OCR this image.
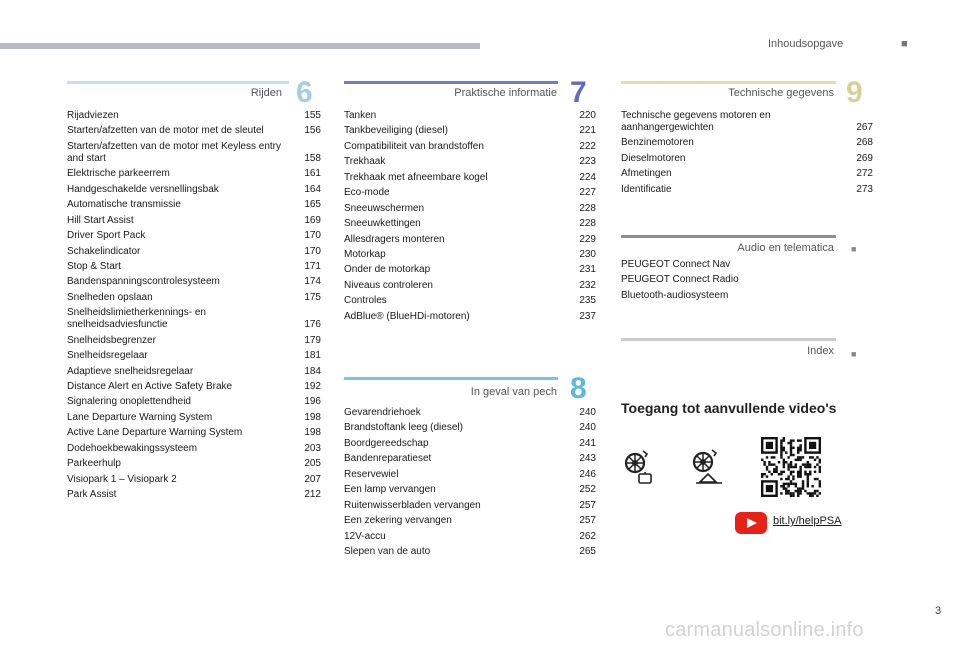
Inhoudsopgave	■
Rijden 6
Rijadviezen	155
Starten/afzetten van de motor met de sleutel	156
Starten/afzetten van de motor met Keyless entry and start	158
Elektrische parkeerrem	161
Handgeschakelde versnellingsbak	164
Automatische transmissie	165
Hill Start Assist	169
Driver Sport Pack	170
Schakelindicator	170
Stop & Start	171
Bandenspanningscontrolesysteem	174
Snelheden opslaan	175
Snelheidslimietherkennings- en snelheidsadviesfunctie	176
Snelheidsbegrenzer	179
Snelheidsregelaar	181
Adaptieve snelheidsregelaar	184
Distance Alert en Active Safety Brake	192
Signalering onoplettendheid	196
Lane Departure Warning System	198
Active Lane Departure Warning System	198
Dodehoekbewakingssysteem	203
Parkeerhulp	205
Visiopark 1 – Visiopark 2	207
Park Assist	212
Praktische informatie 7
Tanken	220
Tankbeveiliging (diesel)	221
Compatibiliteit van brandstoffen	222
Trekhaak	223
Trekhaak met afneembare kogel	224
Eco-mode	227
Sneeuwschermen	228
Sneeuwkettingen	228
Allesdragers monteren	229
Motorkap	230
Onder de motorkap	231
Niveaus controleren	232
Controles	235
AdBlue® (BlueHDi-motoren)	237
In geval van pech 8
Gevarendriehoek	240
Brandstoftank leeg (diesel)	240
Boordgereedschap	241
Bandenreparatieset	243
Reservewiel	246
Een lamp vervangen	252
Ruitenwisserbladen vervangen	257
Een zekering vervangen	257
12V-accu	262
Slepen van de auto	265
Technische gegevens 9
Technische gegevens motoren en aanhangergewichten	267
Benzinemotoren	268
Dieselmotoren	269
Afmetingen	272
Identificatie	273
Audio en telematica ■
PEUGEOT Connect Nav
PEUGEOT Connect Radio
Bluetooth-audiosysteem
Index ■
Toegang tot aanvullende video's
bit.ly/helpPSA
3
carmanualsonline.info
